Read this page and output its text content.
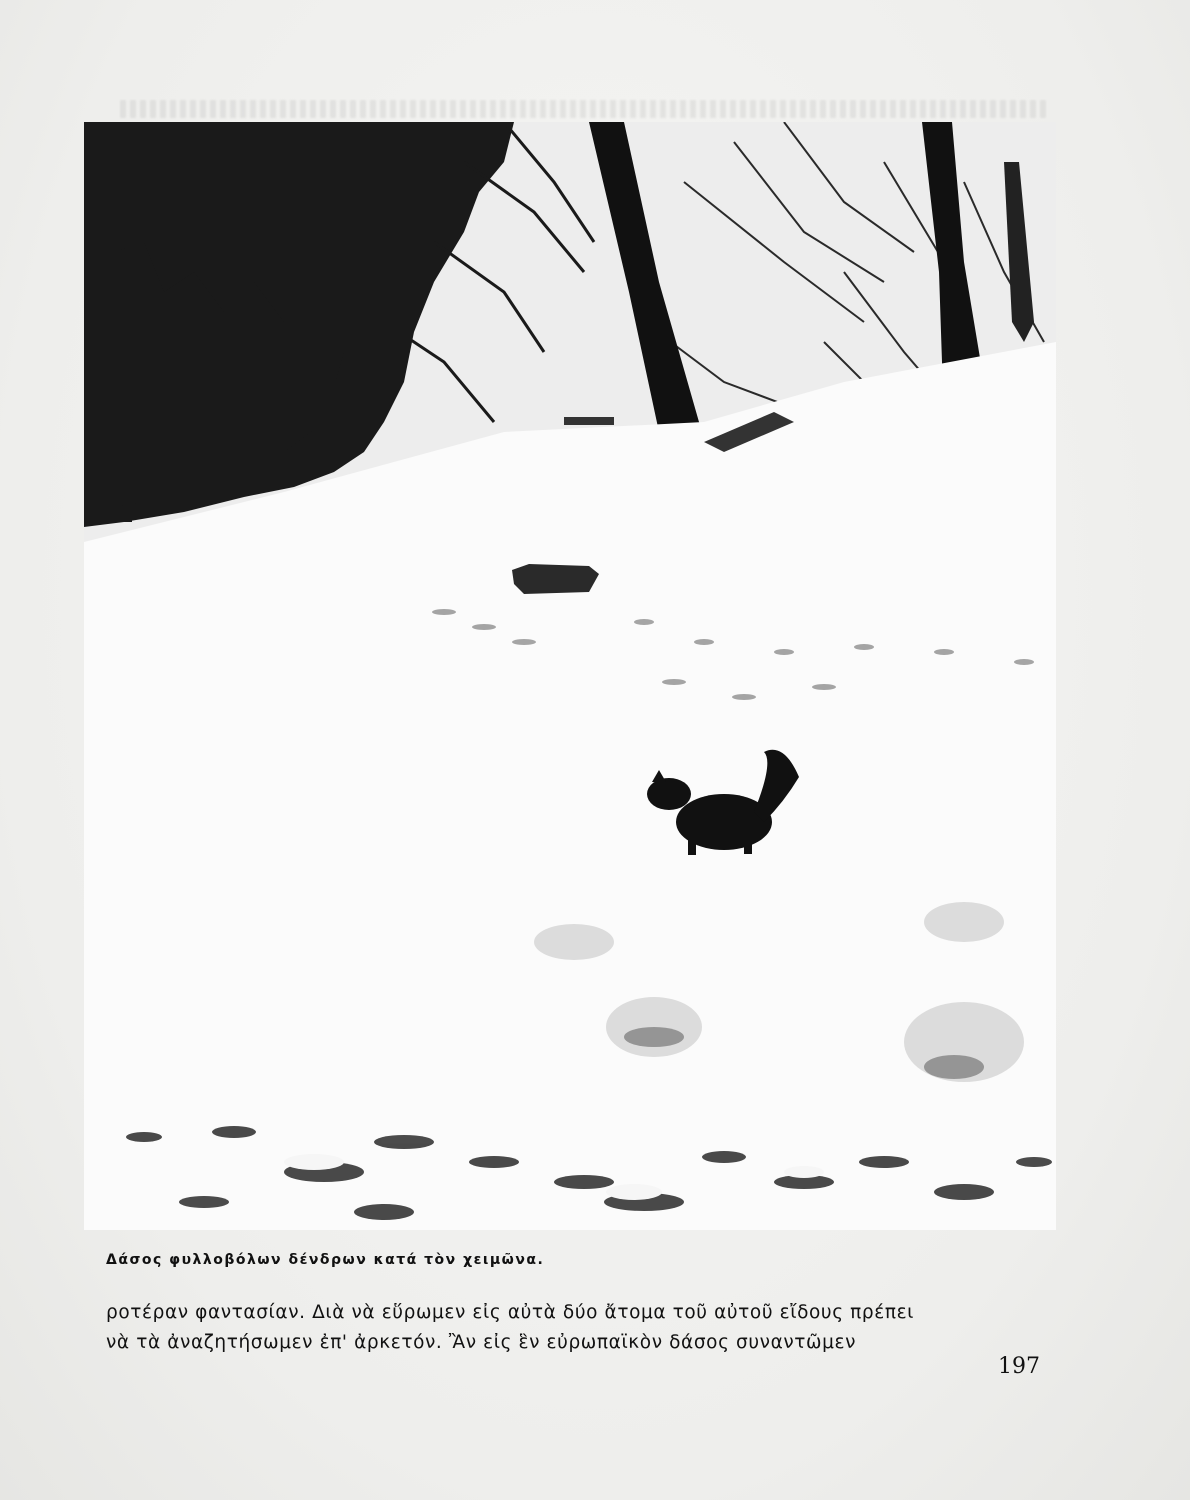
Δάσος φυλλοβόλων δένδρων κατά τὸν χειμῶνα.
ροτέραν φαντασίαν. Διὰ νὰ εὕρωμεν εἰς αὐτὰ δύο ἄτομα τοῦ αὐτοῦ εἴδους πρέπει
νὰ τὰ ἀναζητήσωμεν ἐπ' ἀρκετόν. Ἂν εἰς ἓν εὐρωπαϊκὸν δάσος συναντῶμεν
197
